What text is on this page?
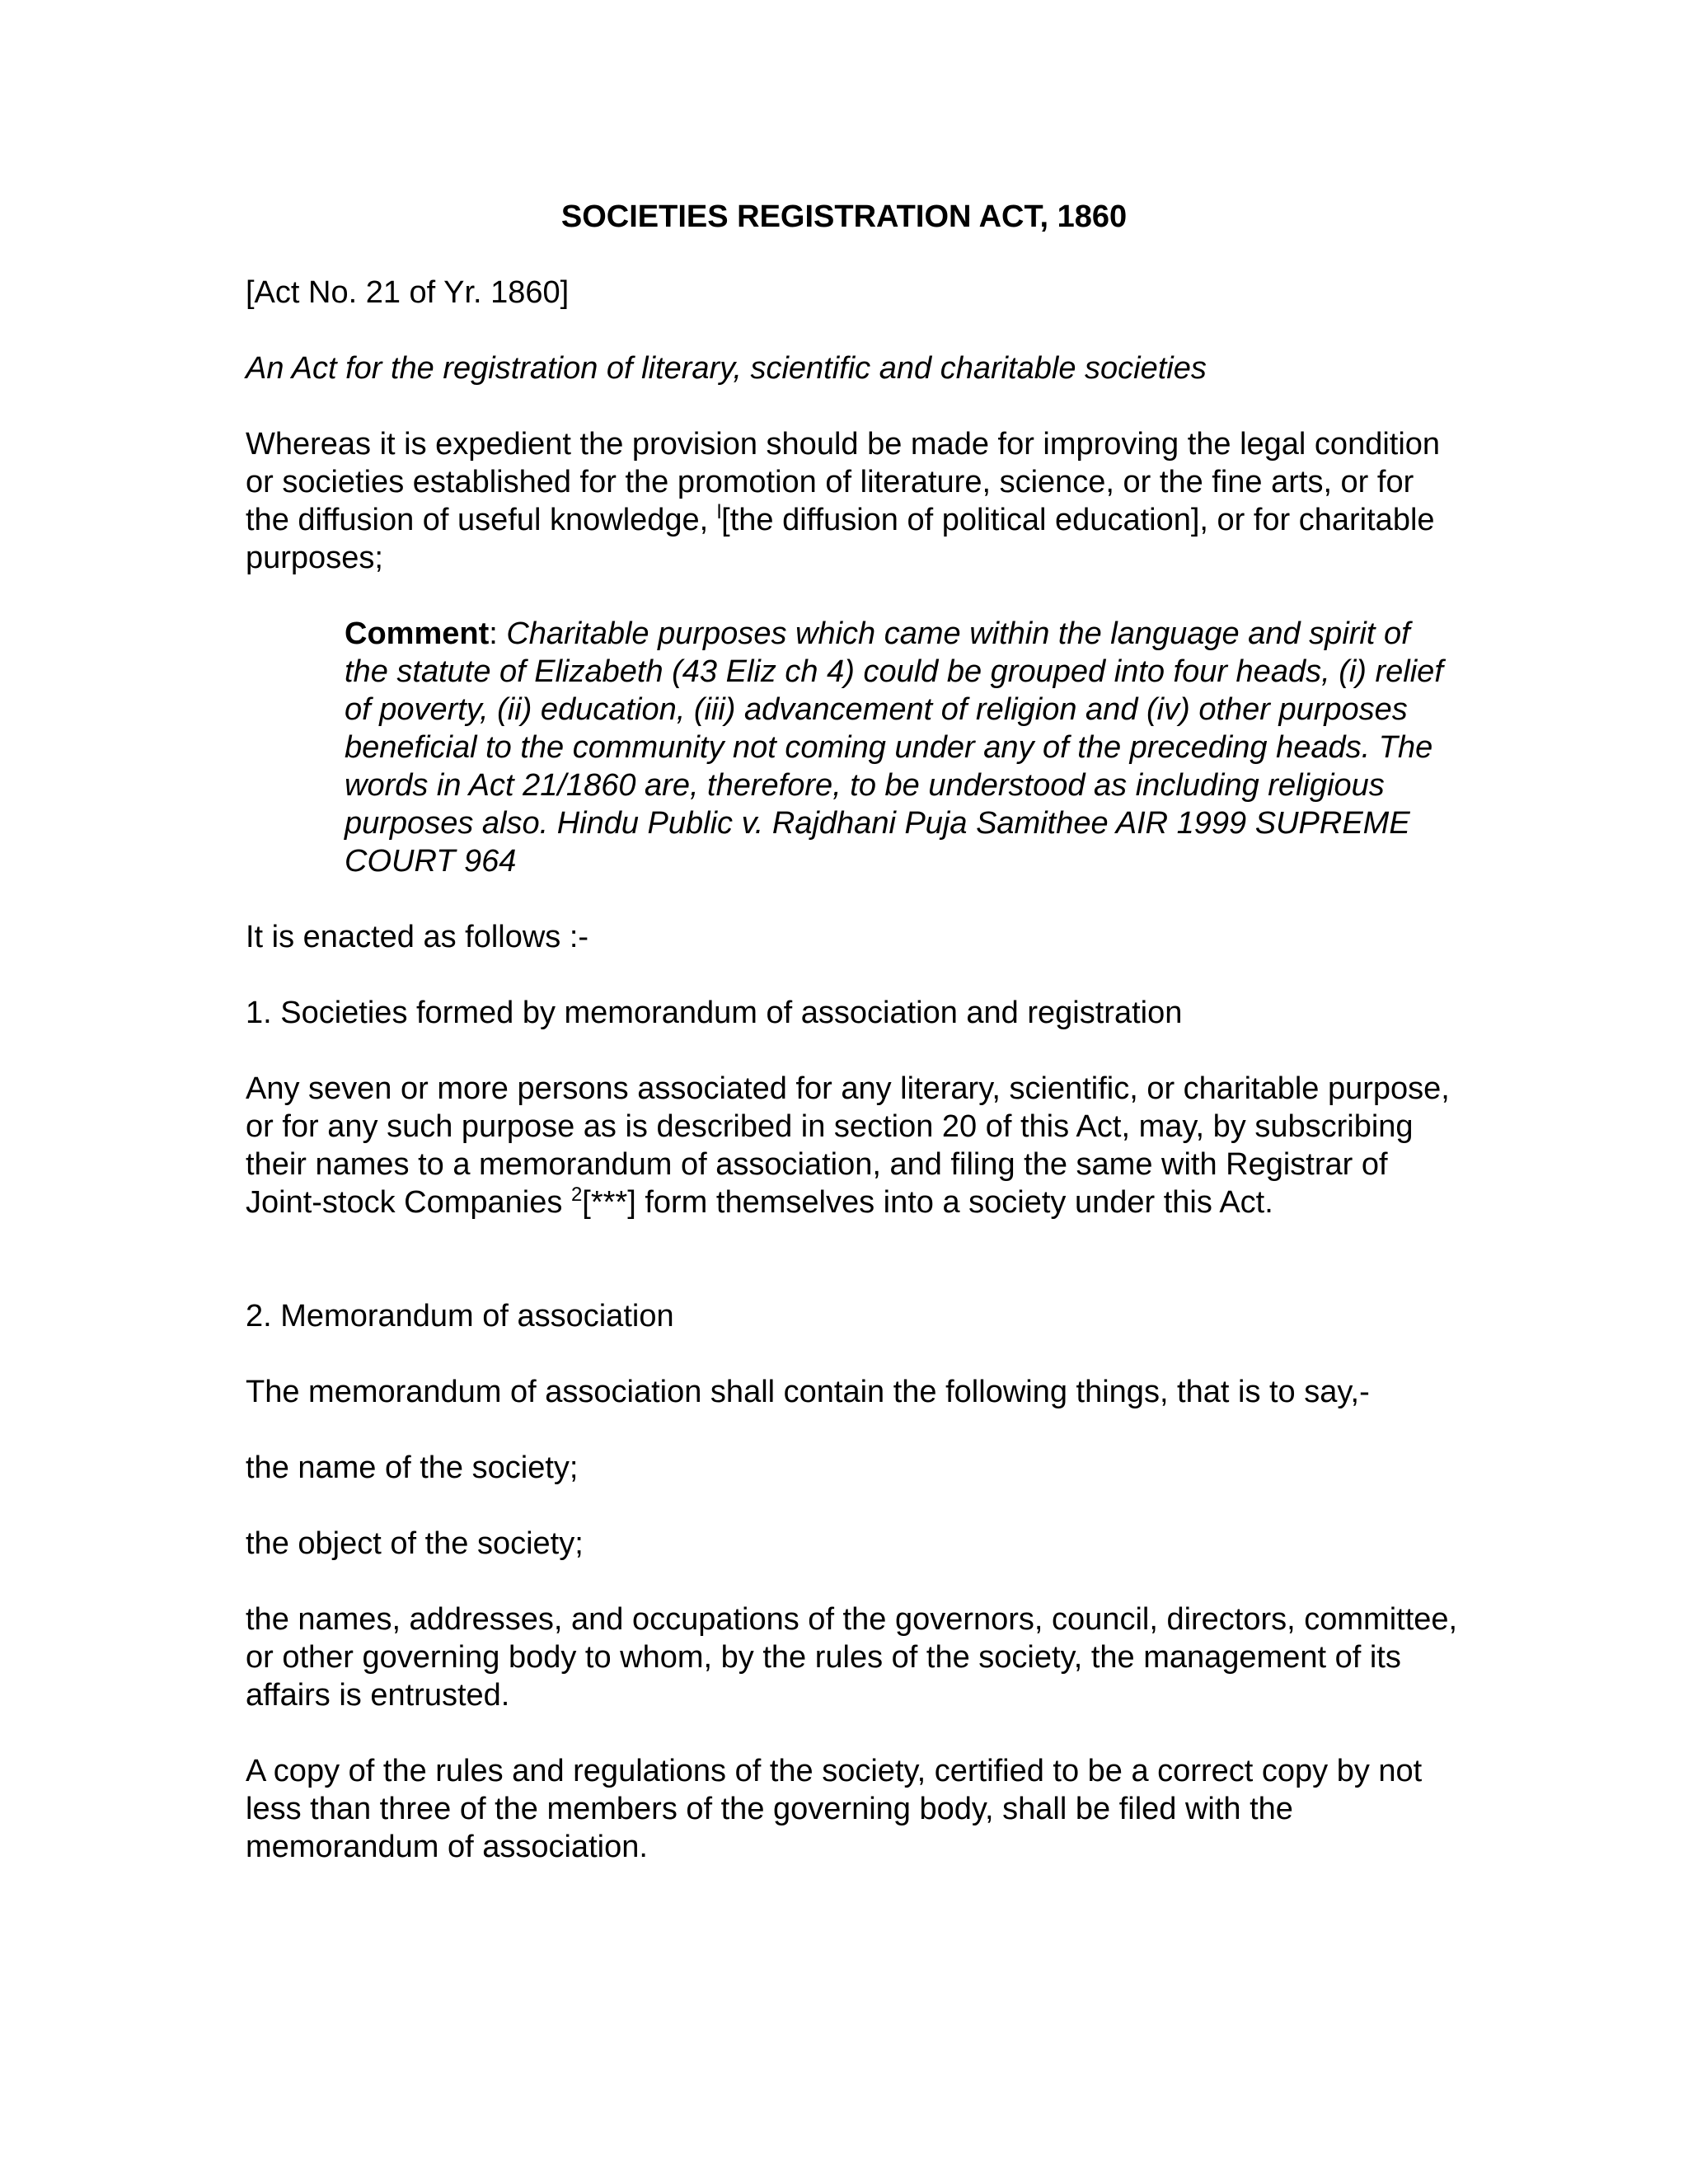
SOCIETIES REGISTRATION ACT, 1860

[Act No. 21 of Yr. 1860]

An Act for the registration of literary, scientific and charitable societies

Whereas it is expedient the provision should be made for improving the legal condition or societies established for the promotion of literature, science, or the fine arts, or for the diffusion of useful knowledge, $^l$[the diffusion of political education], or for charitable purposes;

Comment: Charitable purposes which came within the language and spirit of the statute of Elizabeth (43 Eliz ch 4) could be grouped into four heads, (i) relief of poverty, (ii) education, (iii) advancement of religion and (iv) other purposes beneficial to the community not coming under any of the preceding heads. The words in Act 21/1860 are, therefore, to be understood as including religious purposes also. Hindu Public v. Rajdhani Puja Samithee AIR 1999 SUPREME COURT 964

It is enacted as follows :-

1. Societies formed by memorandum of association and registration

Any seven or more persons associated for any literary, scientific, or charitable purpose, or for any such purpose as is described in section 20 of this Act, may, by subscribing their names to a memorandum of association, and filing the same with Registrar of Joint-stock Companies $^2$[***] form themselves into a society under this Act.

2. Memorandum of association

The memorandum of association shall contain the following things, that is to say,-

the name of the society;

the object of the society;

the names, addresses, and occupations of the governors, council, directors, committee, or other governing body to whom, by the rules of the society, the management of its affairs is entrusted.

A copy of the rules and regulations of the society, certified to be a correct copy by not less than three of the members of the governing body, shall be filed with the memorandum of association.
